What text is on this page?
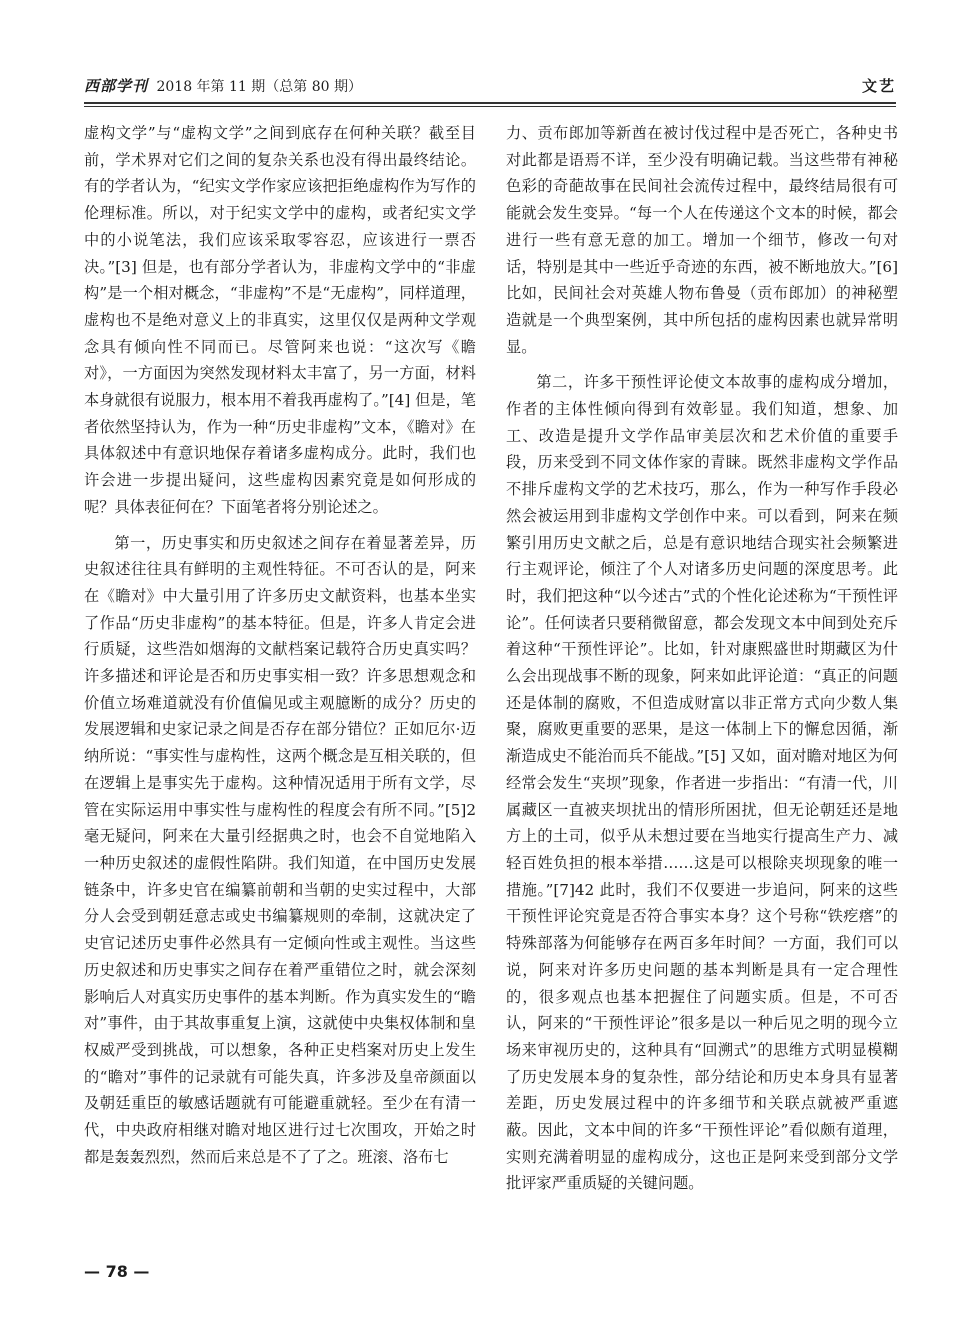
西部学刊 2018 年第 11 期（总第 80 期）	文艺

虚构文学”与“虚构文学”之间到底存在何种关联？截至目前，学术界对它们之间的复杂关系也没有得出最终结论。有的学者认为，“纪实文学作家应该把拒绝虚构作为写作的伦理标准。所以，对于纪实文学中的虚构，或者纪实文学中的小说笔法，我们应该采取零容忍，应该进行一票否决。”[3] 但是，也有部分学者认为，非虚构文学中的“非虚构”是一个相对概念，“非虚构”不是“无虚构”，同样道理，虚构也不是绝对意义上的非真实，这里仅仅是两种文学观念具有倾向性不同而已。尽管阿来也说：“这次写《瞻对》，一方面因为突然发现材料太丰富了，另一方面，材料本身就很有说服力，根本用不着我再虚构了。”[4] 但是，笔者依然坚持认为，作为一种“历史非虚构”文本，《瞻对》在具体叙述中有意识地保存着诸多虚构成分。此时，我们也许会进一步提出疑问，这些虚构因素究竟是如何形成的呢？具体表征何在？下面笔者将分别论述之。

第一，历史事实和历史叙述之间存在着显著差异，历史叙述往往具有鲜明的主观性特征。不可否认的是，阿来在《瞻对》中大量引用了许多历史文献资料，也基本坐实了作品“历史非虚构”的基本特征。但是，许多人肯定会进行质疑，这些浩如烟海的文献档案记载符合历史真实吗？许多描述和评论是否和历史事实相一致？许多思想观念和价值立场难道就没有价值偏见或主观臆断的成分？历史的发展逻辑和史家记录之间是否存在部分错位？正如厄尔·迈纳所说：“事实性与虚构性，这两个概念是互相关联的，但在逻辑上是事实先于虚构。这种情况适用于所有文学，尽管在实际运用中事实性与虚构性的程度会有所不同。”[5]2 毫无疑问，阿来在大量引经据典之时，也会不自觉地陷入一种历史叙述的虚假性陷阱。我们知道，在中国历史发展链条中，许多史官在编纂前朝和当朝的史实过程中，大部分人会受到朝廷意志或史书编纂规则的牵制，这就决定了史官记述历史事件必然具有一定倾向性或主观性。当这些历史叙述和历史事实之间存在着严重错位之时，就会深刻影响后人对真实历史事件的基本判断。作为真实发生的“瞻对”事件，由于其故事重复上演，这就使中央集权体制和皇权威严受到挑战，可以想象，各种正史档案对历史上发生的“瞻对”事件的记录就有可能失真，许多涉及皇帝颜面以及朝廷重臣的敏感话题就有可能避重就轻。至少在有清一代，中央政府相继对瞻对地区进行过七次围攻，开始之时都是轰轰烈烈，然而后来总是不了了之。班滚、洛布七

力、贡布郎加等新酋在被讨伐过程中是否死亡，各种史书对此都是语焉不详，至少没有明确记载。当这些带有神秘色彩的奇葩故事在民间社会流传过程中，最终结局很有可能就会发生变异。“每一个人在传递这个文本的时候，都会进行一些有意无意的加工。增加一个细节，修改一句对话，特别是其中一些近乎奇迹的东西，被不断地放大。”[6] 比如，民间社会对英雄人物布鲁曼（贡布郎加）的神秘塑造就是一个典型案例，其中所包括的虚构因素也就异常明显。

第二，许多干预性评论使文本故事的虚构成分增加，作者的主体性倾向得到有效彰显。我们知道，想象、加工、改造是提升文学作品审美层次和艺术价值的重要手段，历来受到不同文体作家的青睐。既然非虚构文学作品不排斥虚构文学的艺术技巧，那么，作为一种写作手段必然会被运用到非虚构文学创作中来。可以看到，阿来在频繁引用历史文献之后，总是有意识地结合现实社会频繁进行主观评论，倾注了个人对诸多历史问题的深度思考。此时，我们把这种“以今述古”式的个性化论述称为“干预性评论”。任何读者只要稍微留意，都会发现文本中间到处充斥着这种“干预性评论”。比如，针对康熙盛世时期藏区为什么会出现战事不断的现象，阿来如此评论道：“真正的问题还是体制的腐败，不但造成财富以非正常方式向少数人集聚，腐败更重要的恶果，是这一体制上下的懈怠因循，渐渐造成史不能治而兵不能战。”[5] 又如，面对瞻对地区为何经常会发生“夹坝”现象，作者进一步指出：“有清一代，川属藏区一直被夹坝扰出的情形所困扰，但无论朝廷还是地方上的土司，似乎从未想过要在当地实行提高生产力、减轻百姓负担的根本举措……这是可以根除夹坝现象的唯一措施。”[7]42 此时，我们不仅要进一步追问，阿来的这些干预性评论究竟是否符合事实本身？这个号称“铁疙瘩”的特殊部落为何能够存在两百多年时间？一方面，我们可以说，阿来对许多历史问题的基本判断是具有一定合理性的，很多观点也基本把握住了问题实质。但是，不可否认，阿来的“干预性评论”很多是以一种后见之明的现今立场来审视历史的，这种具有“回溯式”的思维方式明显模糊了历史发展本身的复杂性，部分结论和历史本身具有显著差距，历史发展过程中的许多细节和关联点就被严重遮蔽。因此，文本中间的许多“干预性评论”看似颇有道理，实则充满着明显的虚构成分，这也正是阿来受到部分文学批评家严重质疑的关键问题。

— 78 —
